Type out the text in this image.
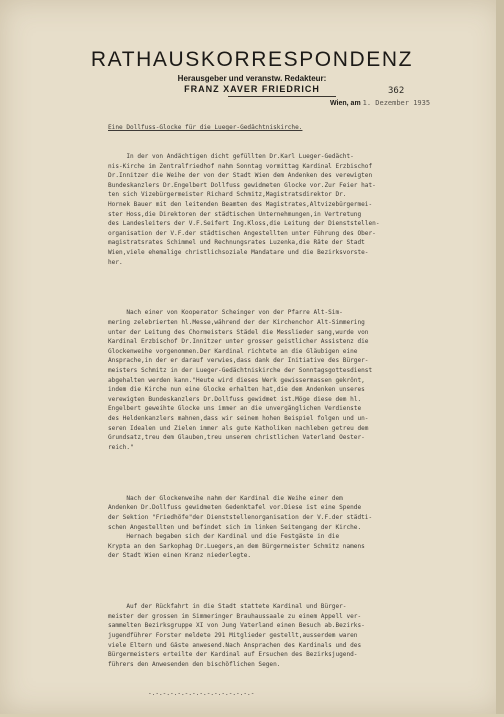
RATHAUSKORRESPONDENZ
Herausgeber und veranstw. Redakteur:
FRANZ XAVER FRIEDRICH	362
Wien, am 1. Dezember 1935

Eine Dollfuss-Glocke für die Lueger-Gedächtniskirche.

In der von Andächtigen dicht gefüllten Dr.Karl Lueger-Gedächt-
nis-Kirche im Zentralfriedhof nahm Sonntag vormittag Kardinal Erzbischof
Dr.Innitzer die Weihe der von der Stadt Wien dem Andenken des verewigten
Bundeskanzlers Dr.Engelbert Dollfuss gewidmeten Glocke vor.Zur Feier hat-
ten sich Vizebürgermeister Richard Schmitz,Magistratsdirektor Dr.
Hornek Bauer mit den leitenden Beamten des Magistrates,Altvizebürgermei-
ster Hoss,die Direktoren der städtischen Unternehmungen,in Vertretung
des Landesleiters der V.F.Seifert Ing.Kloss,die Leitung der Dienststellen-
organisation der V.F.der städtischen Angestellten unter Führung des Ober-
magistratsrates Schimmel und Rechnungsrates Luzenka,die Räte der Stadt
Wien,viele ehemalige christlichsoziale Mandatare und die Bezirksvorste-
her.

Nach einer von Kooperator Scheinger von der Pfarre Alt-Sim-
mering zelebrierten hl.Messe,während der der Kirchenchor Alt-Simmering
unter der Leitung des Chormeisters Städel die Messlieder sang,wurde von
Kardinal Erzbischof Dr.Innitzer unter grosser geistlicher Assistenz die
Glockenweihe vorgenommen.Der Kardinal richtete an die Gläubigen eine
Ansprache,in der er darauf verwies,dass dank der Initiative des Bürger-
meisters Schmitz in der Lueger-Gedächtniskirche der Sonntagsgottesdienst
abgehalten werden kann."Heute wird dieses Werk gewissermassen gekrönt,
indem die Kirche nun eine Glocke erhalten hat,die dem Andenken unseres
verewigten Bundeskanzlers Dr.Dollfuss gewidmet ist.Möge diese dem hl.
Engelbert geweihte Glocke uns immer an die unvergänglichen Verdienste
des Heldenkanzlers mahnen,dass wir seinem hohen Beispiel folgen und un-
seren Idealen und Zielen immer als gute Katholiken nachleben getreu dem
Grundsatz,treu dem Glauben,treu unserem christlichen Vaterland Oester-
reich."

Nach der Glockenweihe nahm der Kardinal die Weihe einer dem
Andenken Dr.Dollfuss gewidmeten Gedenktafel vor.Diese ist eine Spende
der Sektion "Friedhöfe"der Dienststellenorganisation der V.F.der städti-
schen Angestellten und befindet sich im linken Seitengang der Kirche.
Hernach begaben sich der Kardinal und die Festgäste in die
Krypta an den Sarkophag Dr.Luegers,an dem Bürgermeister Schmitz namens
der Stadt Wien einen Kranz niederlegte.

Auf der Rückfahrt in die Stadt stattete Kardinal und Bürger-
meister der grossen im Simmeringer Brauhaussaale zu einem Appell ver-
sammelten Bezirksgruppe XI von Jung Vaterland einen Besuch ab.Bezirks-
jugendführer Forster meldete 291 Mitglieder gestellt,ausserdem waren
viele Eltern und Gäste anwesend.Nach Ansprachen des Kardinals und des
Bürgermeisters erteilte der Kardinal auf Ersuchen des Bezirksjugend-
führers den Anwesenden den bischöflichen Segen.

-.-.-.-.-.-.-.-.-.-.-.-.-.-.-
